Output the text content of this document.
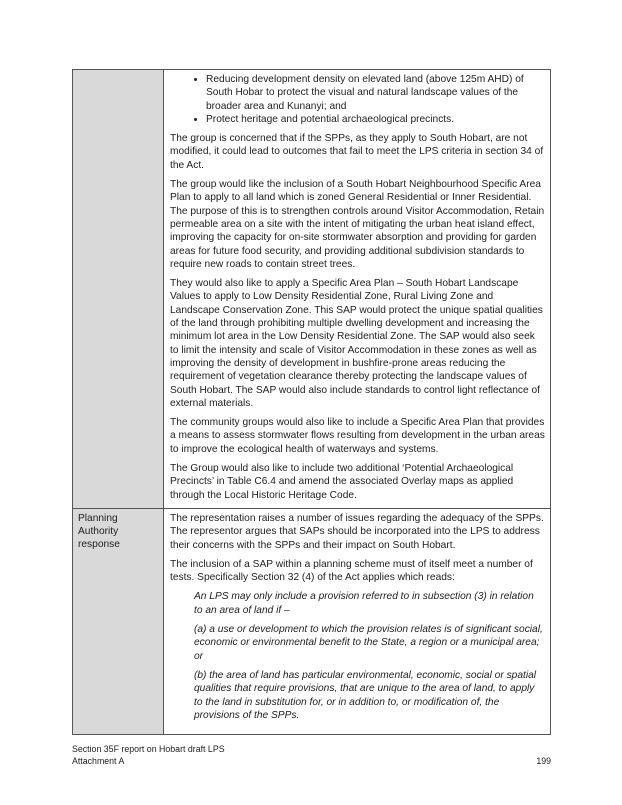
• Reducing development density on elevated land (above 125m AHD) of South Hobar to protect the visual and natural landscape values of the broader area and Kunanyi; and
• Protect heritage and potential archaeological precincts.

The group is concerned that if the SPPs, as they apply to South Hobart, are not modified, it could lead to outcomes that fail to meet the LPS criteria in section 34 of the Act.

The group would like the inclusion of a South Hobart Neighbourhood Specific Area Plan to apply to all land which is zoned General Residential or Inner Residential. The purpose of this is to strengthen controls around Visitor Accommodation, Retain permeable area on a site with the intent of mitigating the urban heat island effect, improving the capacity for on-site stormwater absorption and providing for garden areas for future food security, and providing additional subdivision standards to require new roads to contain street trees.

They would also like to apply a Specific Area Plan – South Hobart Landscape Values to apply to Low Density Residential Zone, Rural Living Zone and Landscape Conservation Zone. This SAP would protect the unique spatial qualities of the land through prohibiting multiple dwelling development and increasing the minimum lot area in the Low Density Residential Zone. The SAP would also seek to limit the intensity and scale of Visitor Accommodation in these zones as well as improving the density of development in bushfire-prone areas reducing the requirement of vegetation clearance thereby protecting the landscape values of South Hobart. The SAP would also include standards to control light reflectance of external materials.

The community groups would also like to include a Specific Area Plan that provides a means to assess stormwater flows resulting from development in the urban areas to improve the ecological health of waterways and systems.

The Group would also like to include two additional ‘Potential Archaeological Precincts’ in Table C6.4 and amend the associated Overlay maps as applied through the Local Historic Heritage Code.

Planning Authority response

The representation raises a number of issues regarding the adequacy of the SPPs. The representor argues that SAPs should be incorporated into the LPS to address their concerns with the SPPs and their impact on South Hobart.

The inclusion of a SAP within a planning scheme must of itself meet a number of tests. Specifically Section 32 (4) of the Act applies which reads:

An LPS may only include a provision referred to in subsection (3) in relation to an area of land if –

(a) a use or development to which the provision relates is of significant social, economic or environmental benefit to the State, a region or a municipal area; or

(b) the area of land has particular environmental, economic, social or spatial qualities that require provisions, that are unique to the area of land, to apply to the land in substitution for, or in addition to, or modification of, the provisions of the SPPs.

Section 35F report on Hobart draft LPS
Attachment A	199
